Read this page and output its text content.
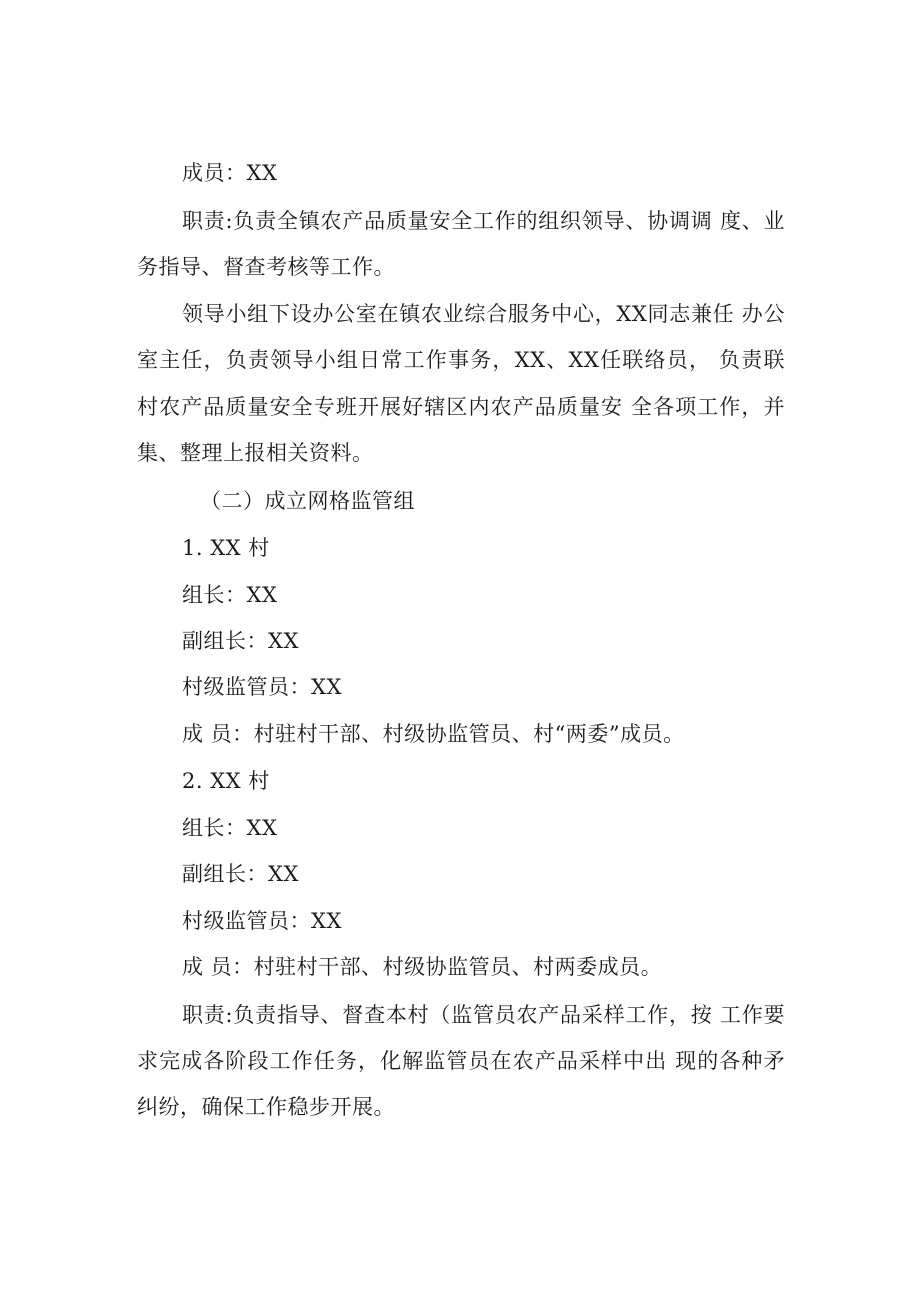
成员：XX
职责:负责全镇农产品质量安全工作的组织领导、协调调 度、业
务指导、督查考核等工作。
领导小组下设办公室在镇农业综合服务中心，XX同志兼任 办公
室主任，负责领导小组日常工作事务，XX、XX任联络员， 负责联
村农产品质量安全专班开展好辖区内农产品质量安 全各项工作，并
集、整理上报相关资料。
（二）成立网格监管组
1. XX 村
组长：XX
副组长：XX
村级监管员：XX
成 员：村驻村干部、村级协监管员、村“两委”成员。
2. XX 村
组长：XX
副组长：XX
村级监管员：XX
成 员：村驻村干部、村级协监管员、村两委成员。
职责:负责指导、督查本村（监管员农产品采样工作，按 工作要
求完成各阶段工作任务，化解监管员在农产品采样中出 现的各种矛
纠纷，确保工作稳步开展。
